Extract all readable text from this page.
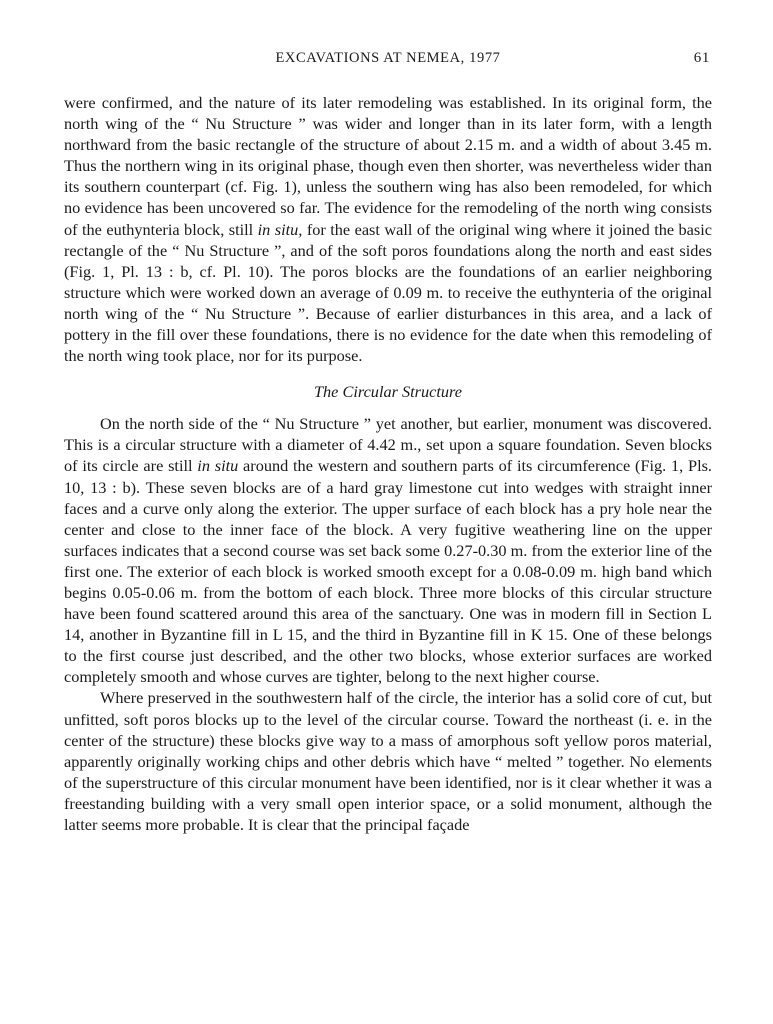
EXCAVATIONS AT NEMEA, 1977	61

were confirmed, and the nature of its later remodeling was established. In its original form, the north wing of the “ Nu Structure ” was wider and longer than in its later form, with a length northward from the basic rectangle of the structure of about 2.15 m. and a width of about 3.45 m. Thus the northern wing in its original phase, though even then shorter, was nevertheless wider than its southern counterpart (cf. Fig. 1), unless the southern wing has also been remodeled, for which no evidence has been uncovered so far. The evidence for the remodeling of the north wing consists of the euthynteria block, still in situ, for the east wall of the original wing where it joined the basic rectangle of the “ Nu Structure ”, and of the soft poros foundations along the north and east sides (Fig. 1, Pl. 13 : b, cf. Pl. 10). The poros blocks are the foundations of an earlier neighboring structure which were worked down an average of 0.09 m. to receive the euthynteria of the original north wing of the “ Nu Structure ”. Because of earlier disturbances in this area, and a lack of pottery in the fill over these foundations, there is no evidence for the date when this remodeling of the north wing took place, nor for its purpose.

The Circular Structure

On the north side of the “ Nu Structure ” yet another, but earlier, monument was discovered. This is a circular structure with a diameter of 4.42 m., set upon a square foundation. Seven blocks of its circle are still in situ around the western and southern parts of its circumference (Fig. 1, Pls. 10, 13 : b). These seven blocks are of a hard gray limestone cut into wedges with straight inner faces and a curve only along the exterior. The upper surface of each block has a pry hole near the center and close to the inner face of the block. A very fugitive weathering line on the upper surfaces indicates that a second course was set back some 0.27-0.30 m. from the exterior line of the first one. The exterior of each block is worked smooth except for a 0.08-0.09 m. high band which begins 0.05-0.06 m. from the bottom of each block. Three more blocks of this circular structure have been found scattered around this area of the sanctuary. One was in modern fill in Section L 14, another in Byzantine fill in L 15, and the third in Byzantine fill in K 15. One of these belongs to the first course just described, and the other two blocks, whose exterior surfaces are worked completely smooth and whose curves are tighter, belong to the next higher course.

Where preserved in the southwestern half of the circle, the interior has a solid core of cut, but unfitted, soft poros blocks up to the level of the circular course. Toward the northeast (i. e. in the center of the structure) these blocks give way to a mass of amorphous soft yellow poros material, apparently originally working chips and other debris which have “ melted ” together. No elements of the superstructure of this circular monument have been identified, nor is it clear whether it was a freestanding building with a very small open interior space, or a solid monument, although the latter seems more probable. It is clear that the principal façade
